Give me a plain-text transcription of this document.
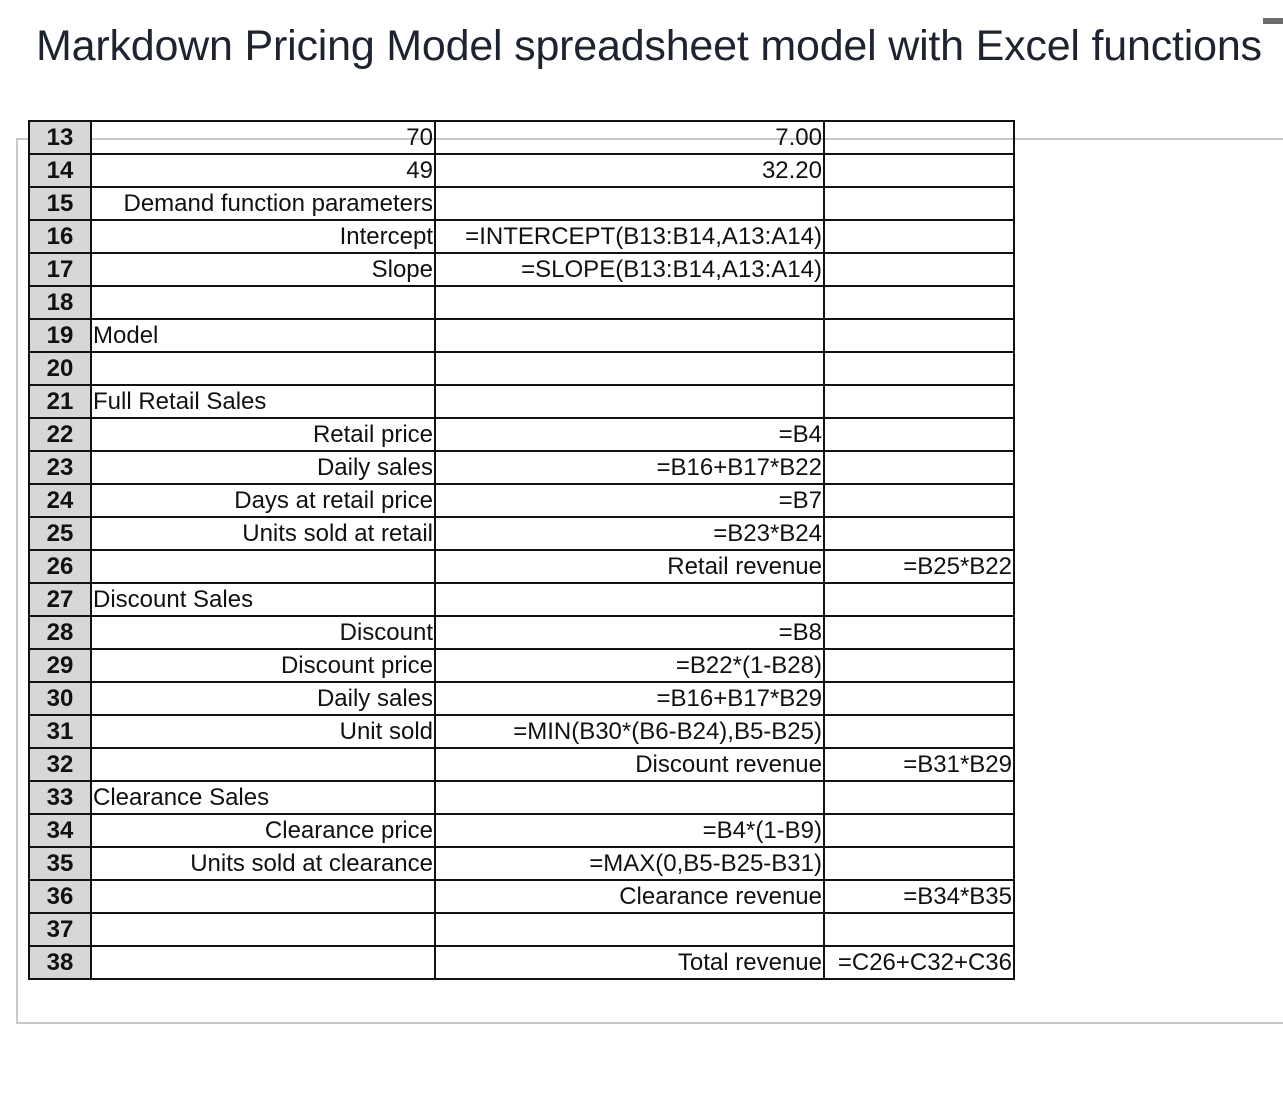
Markdown Pricing Model spreadsheet model with Excel functions
13	70	7.00	
14	49	32.20	
15	Demand function parameters		
16	Intercept	=INTERCEPT(B13:B14,A13:A14)	
17	Slope	=SLOPE(B13:B14,A13:A14)	
18			
19	Model		
20			
21	Full Retail Sales		
22	Retail price	=B4	
23	Daily sales	=B16+B17*B22	
24	Days at retail price	=B7	
25	Units sold at retail	=B23*B24	
26		Retail revenue	=B25*B22
27	Discount Sales		
28	Discount	=B8	
29	Discount price	=B22*(1-B28)	
30	Daily sales	=B16+B17*B29	
31	Unit sold	=MIN(B30*(B6-B24),B5-B25)	
32		Discount revenue	=B31*B29
33	Clearance Sales		
34	Clearance price	=B4*(1-B9)	
35	Units sold at clearance	=MAX(0,B5-B25-B31)	
36		Clearance revenue	=B34*B35
37			
38		Total revenue	=C26+C32+C36
